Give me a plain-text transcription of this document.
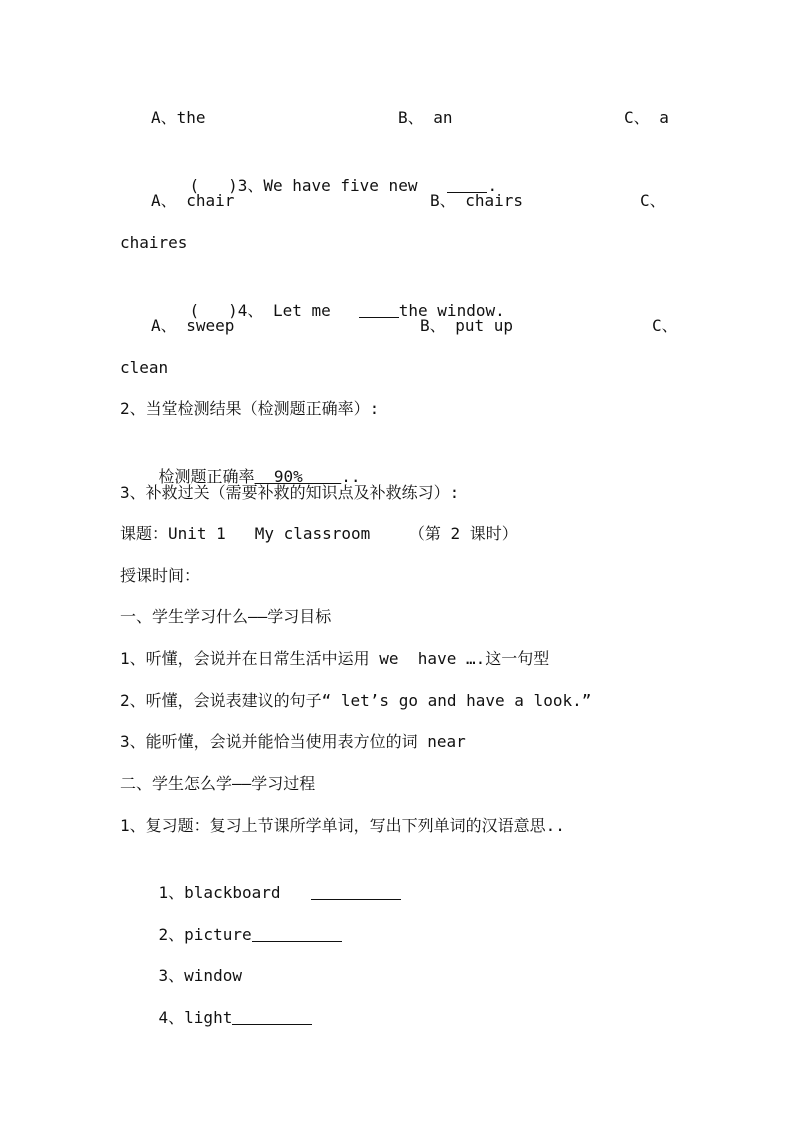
A、the	B、 an	C、 a

(   )3、We have five new	.

A、 chair	B、 chairs	C、
chaires

(   )4、 Let me	the window.

A、 sweep	B、 put up	C、
clean
2、当堂检测结果（检测题正确率）:

检测题正确率  90%    ..

3、补救过关（需要补救的知识点及补救练习）:
课题：Unit 1   My classroom    （第 2 课时）
授课时间：
一、学生学习什么——学习目标
1、听懂，会说并在日常生活中运用 we  have ….这一句型
2、听懂，会说表建议的句子“ let’s go and have a look.”
3、能听懂，会说并能恰当使用表方位的词 near
二、学生怎么学——学习过程
1、复习题：复习上节课所学单词，写出下列单词的汉语意思..

1、blackboard

2、picture

3、window

4、light
